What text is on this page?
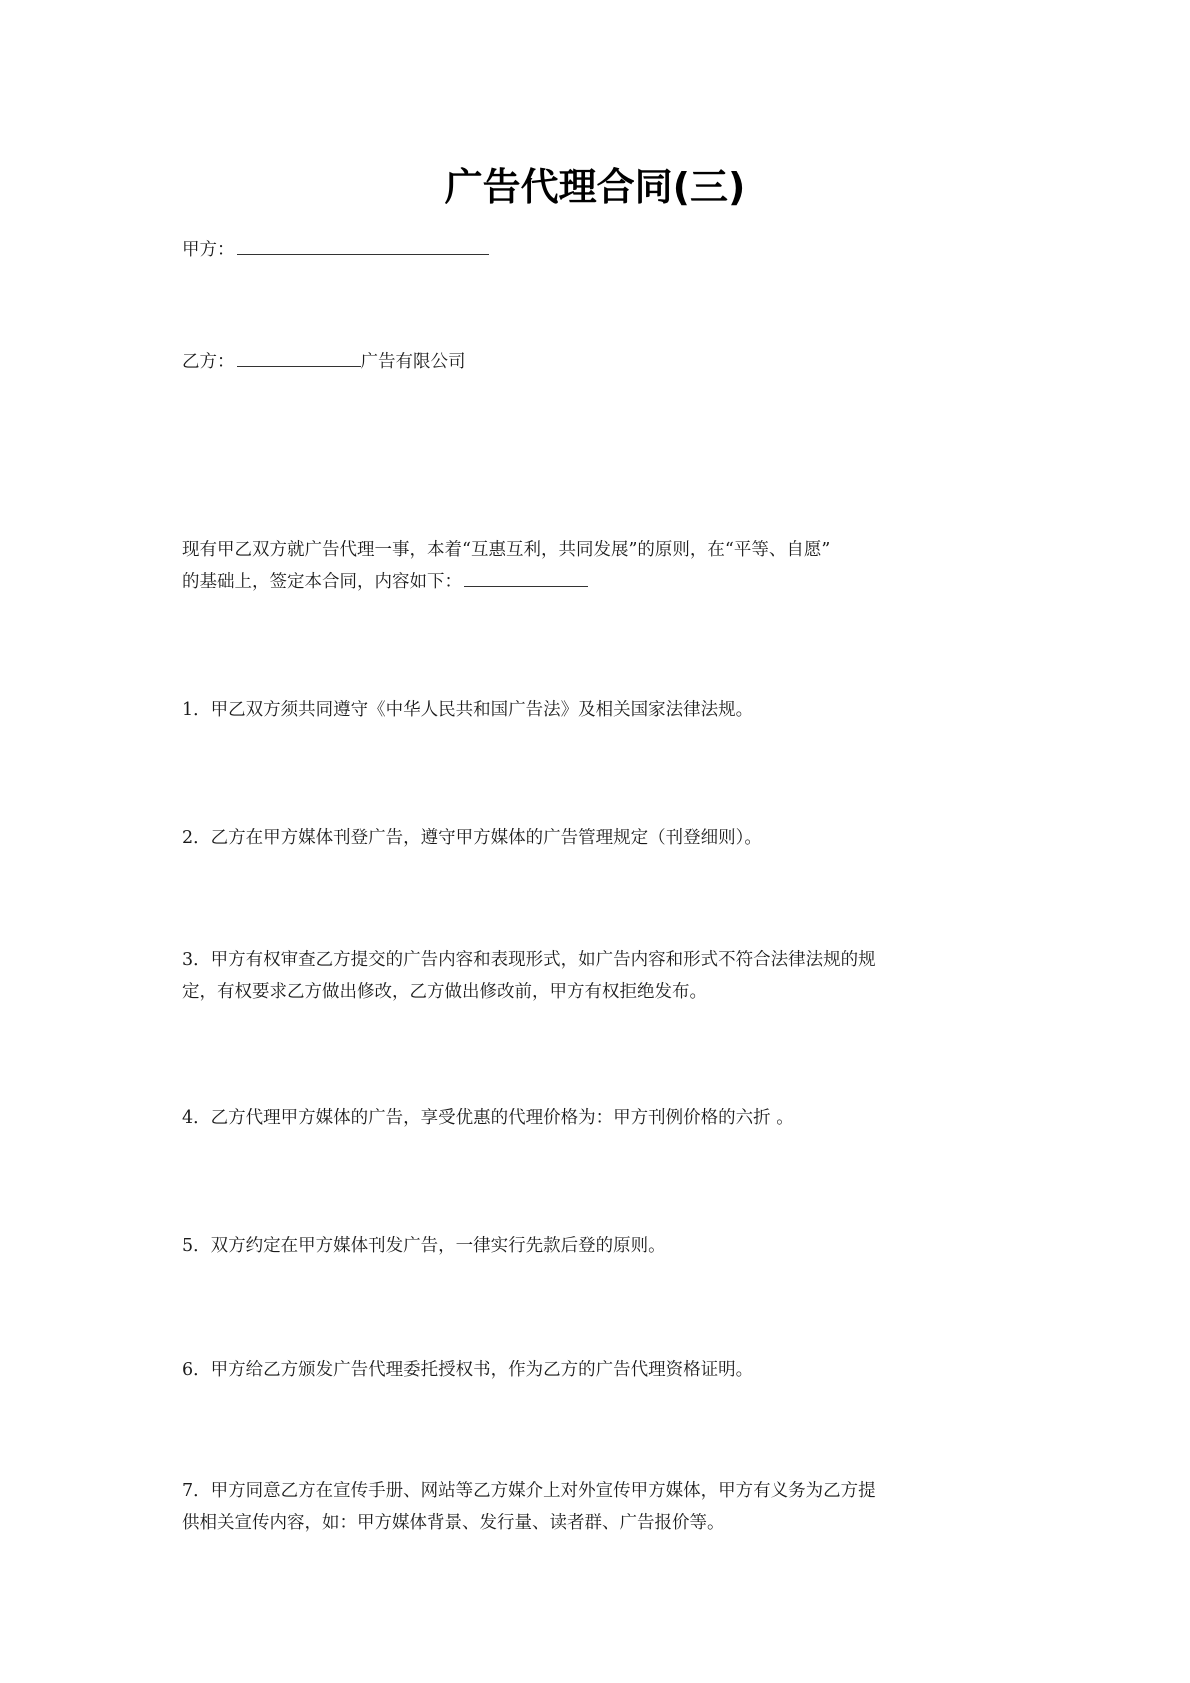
广告代理合同(三)
甲方：
乙方：	广告有限公司
现有甲乙双方就广告代理一事，本着“互惠互利，共同发展”的原则，在“平等、自愿”
的基础上，签定本合同，内容如下：
1．甲乙双方须共同遵守《中华人民共和国广告法》及相关国家法律法规。
2．乙方在甲方媒体刊登广告，遵守甲方媒体的广告管理规定（刊登细则）。
3．甲方有权审查乙方提交的广告内容和表现形式，如广告内容和形式不符合法律法规的规
定，有权要求乙方做出修改，乙方做出修改前，甲方有权拒绝发布。
4．乙方代理甲方媒体的广告，享受优惠的代理价格为：甲方刊例价格的六折 。
5．双方约定在甲方媒体刊发广告，一律实行先款后登的原则。
6．甲方给乙方颁发广告代理委托授权书，作为乙方的广告代理资格证明。
7．甲方同意乙方在宣传手册、网站等乙方媒介上对外宣传甲方媒体，甲方有义务为乙方提
供相关宣传内容，如：甲方媒体背景、发行量、读者群、广告报价等。
